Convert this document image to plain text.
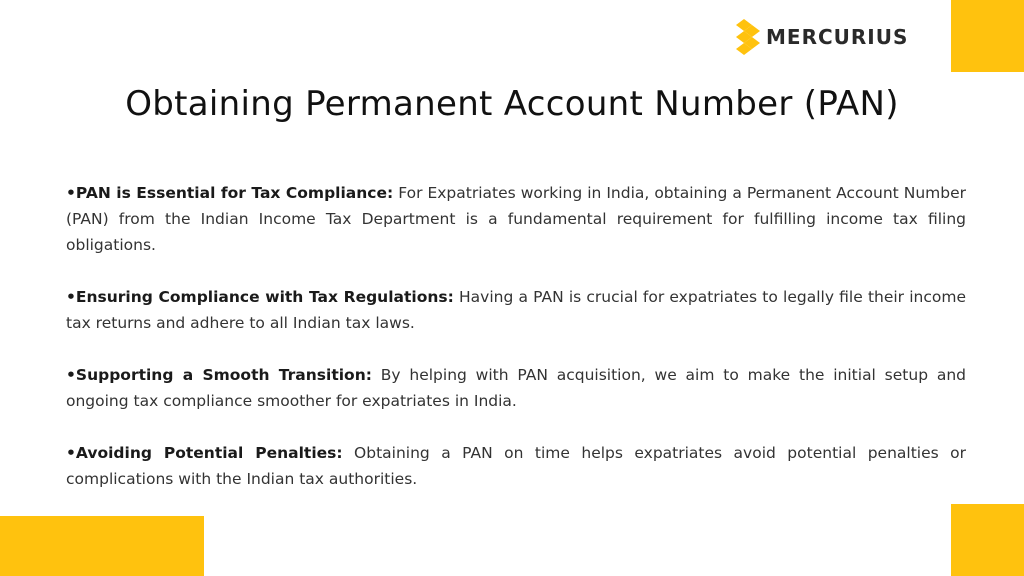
MERCURIUS
Obtaining Permanent Account Number (PAN)

•PAN is Essential for Tax Compliance: For Expatriates working in India, obtaining a Permanent Account Number (PAN) from the Indian Income Tax Department is a fundamental requirement for fulfilling income tax filing obligations.

•Ensuring Compliance with Tax Regulations: Having a PAN is crucial for expatriates to legally file their income tax returns and adhere to all Indian tax laws.

•Supporting a Smooth Transition: By helping with PAN acquisition, we aim to make the initial setup and ongoing tax compliance smoother for expatriates in India.

•Avoiding Potential Penalties: Obtaining a PAN on time helps expatriates avoid potential penalties or complications with the Indian tax authorities.
